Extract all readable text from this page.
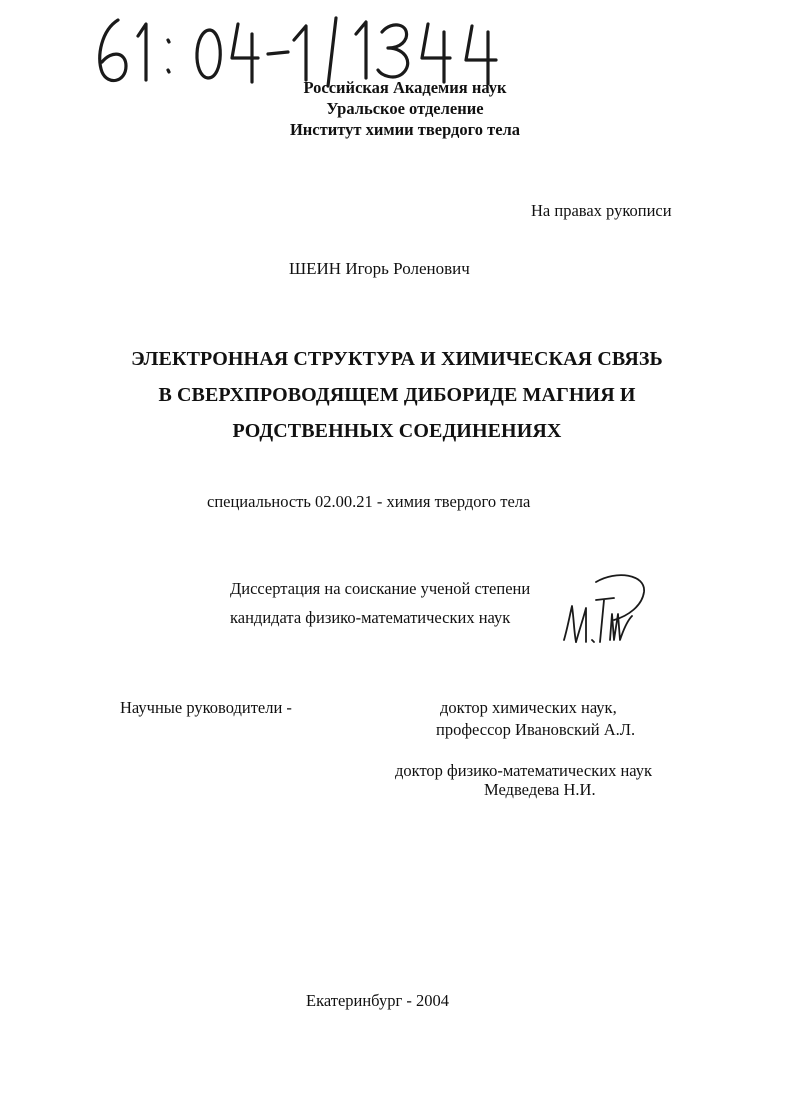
Российская Академия наук
Уральское отделение
Институт химии твердого тела
На правах рукописи
ШЕИН Игорь Роленович
ЭЛЕКТРОННАЯ СТРУКТУРА И ХИМИЧЕСКАЯ СВЯЗЬ
В СВЕРХПРОВОДЯЩЕМ ДИБОРИДЕ МАГНИЯ И
РОДСТВЕННЫХ СОЕДИНЕНИЯХ
специальность 02.00.21 - химия твердого тела
Диссертация на соискание ученой степени
кандидата физико-математических наук
Научные руководители -	доктор химических наук,
профессор Ивановский А.Л.
доктор физико-математических наук
Медведева Н.И.
Екатеринбург - 2004
